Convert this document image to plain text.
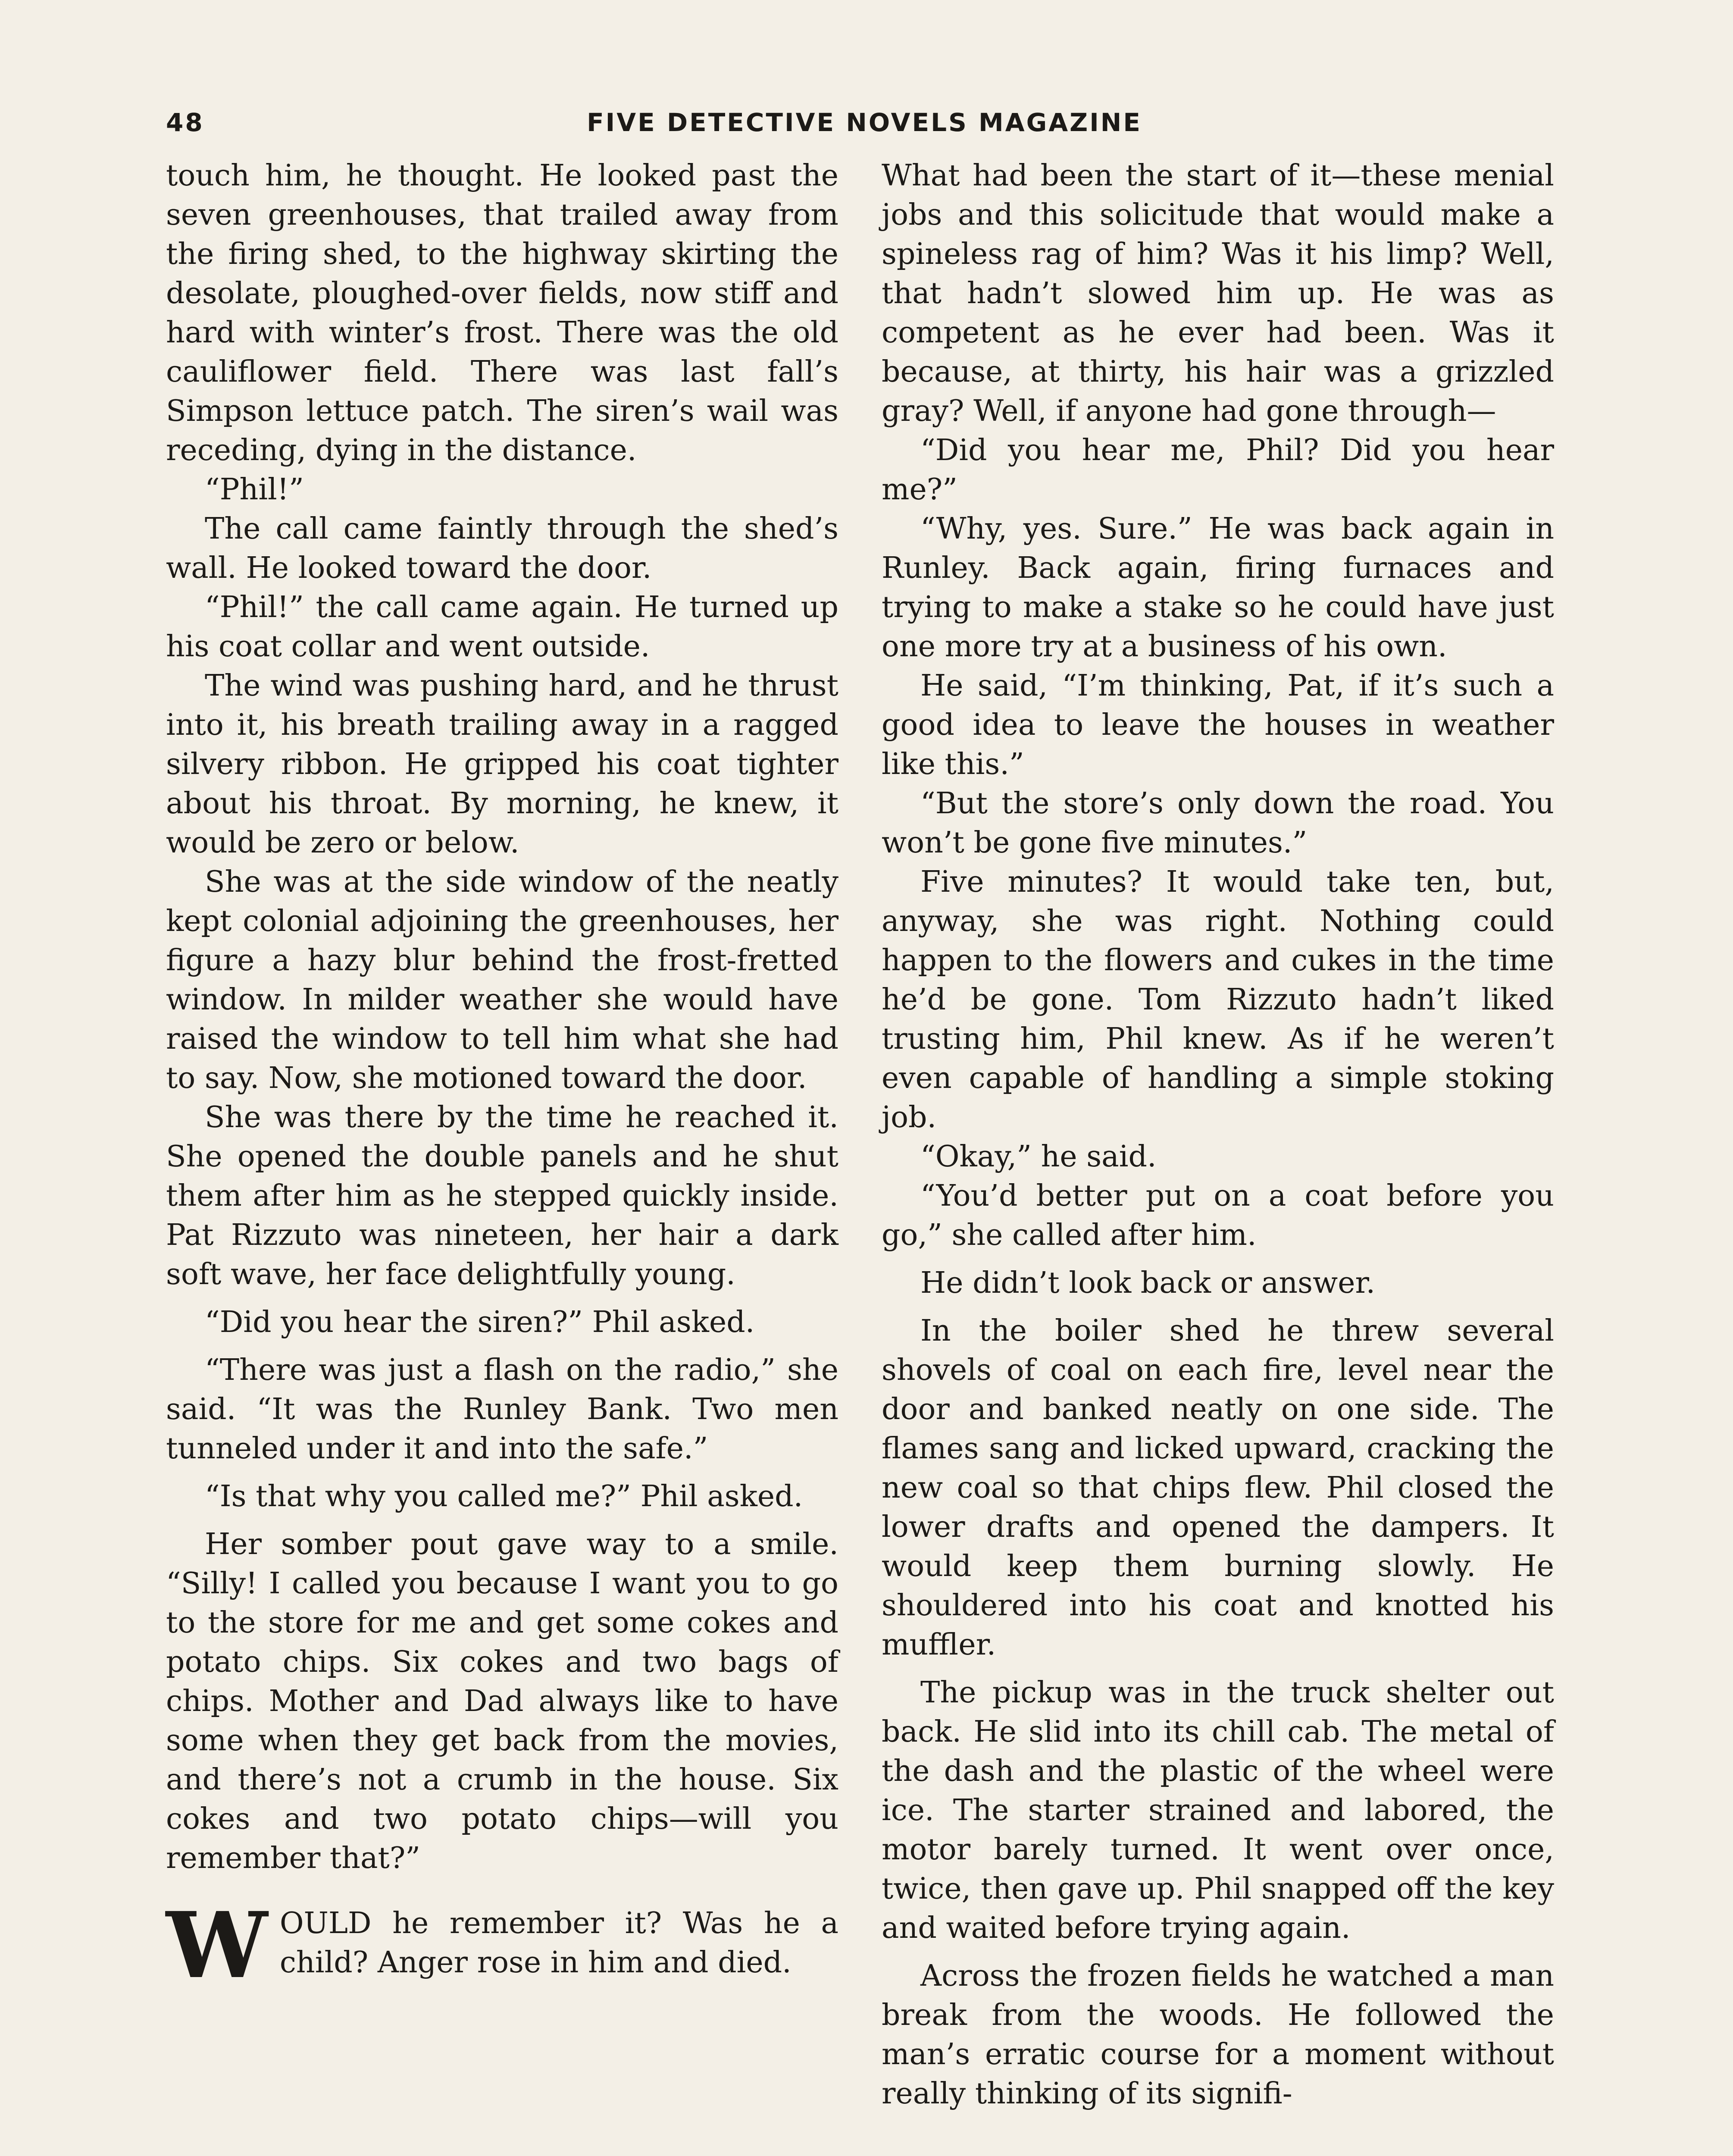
48	FIVE DETECTIVE NOVELS MAGAZINE

touch him, he thought. He looked past the seven greenhouses, that trailed away from the firing shed, to the highway skirting the desolate, ploughed-over fields, now stiff and hard with winter’s frost. There was the old cauliflower field. There was last fall’s Simpson lettuce patch. The siren’s wail was receding, dying in the distance.

“Phil!”

The call came faintly through the shed’s wall. He looked toward the door.

“Phil!” the call came again. He turned up his coat collar and went outside.

The wind was pushing hard, and he thrust into it, his breath trailing away in a ragged silvery ribbon. He gripped his coat tighter about his throat. By morning, he knew, it would be zero or below.

She was at the side window of the neatly kept colonial adjoining the greenhouses, her figure a hazy blur behind the frost-fretted window. In milder weather she would have raised the window to tell him what she had to say. Now, she motioned toward the door.

She was there by the time he reached it. She opened the double panels and he shut them after him as he stepped quickly inside. Pat Rizzuto was nineteen, her hair a dark soft wave, her face delightfully young.

“Did you hear the siren?” Phil asked.

“There was just a flash on the radio,” she said. “It was the Runley Bank. Two men tunneled under it and into the safe.”

“Is that why you called me?” Phil asked.

Her somber pout gave way to a smile. “Silly! I called you because I want you to go to the store for me and get some cokes and potato chips. Six cokes and two bags of chips. Mother and Dad always like to have some when they get back from the movies, and there’s not a crumb in the house. Six cokes and two potato chips—will you remember that?”

WOULD he remember it? Was he a child? Anger rose in him and died.

What had been the start of it—these menial jobs and this solicitude that would make a spineless rag of him? Was it his limp? Well, that hadn’t slowed him up. He was as competent as he ever had been. Was it because, at thirty, his hair was a grizzled gray? Well, if anyone had gone through—

“Did you hear me, Phil? Did you hear me?”

“Why, yes. Sure.” He was back again in Runley. Back again, firing furnaces and trying to make a stake so he could have just one more try at a business of his own.

He said, “I’m thinking, Pat, if it’s such a good idea to leave the houses in weather like this.”

“But the store’s only down the road. You won’t be gone five minutes.”

Five minutes? It would take ten, but, anyway, she was right. Nothing could happen to the flowers and cukes in the time he’d be gone. Tom Rizzuto hadn’t liked trusting him, Phil knew. As if he weren’t even capable of handling a simple stoking job.

“Okay,” he said.

“You’d better put on a coat before you go,” she called after him.

He didn’t look back or answer.

In the boiler shed he threw several shovels of coal on each fire, level near the door and banked neatly on one side. The flames sang and licked upward, cracking the new coal so that chips flew. Phil closed the lower drafts and opened the dampers. It would keep them burning slowly. He shouldered into his coat and knotted his muffler.

The pickup was in the truck shelter out back. He slid into its chill cab. The metal of the dash and the plastic of the wheel were ice. The starter strained and labored, the motor barely turned. It went over once, twice, then gave up. Phil snapped off the key and waited before trying again.

Across the frozen fields he watched a man break from the woods. He followed the man’s erratic course for a moment without really thinking of its signifi-
